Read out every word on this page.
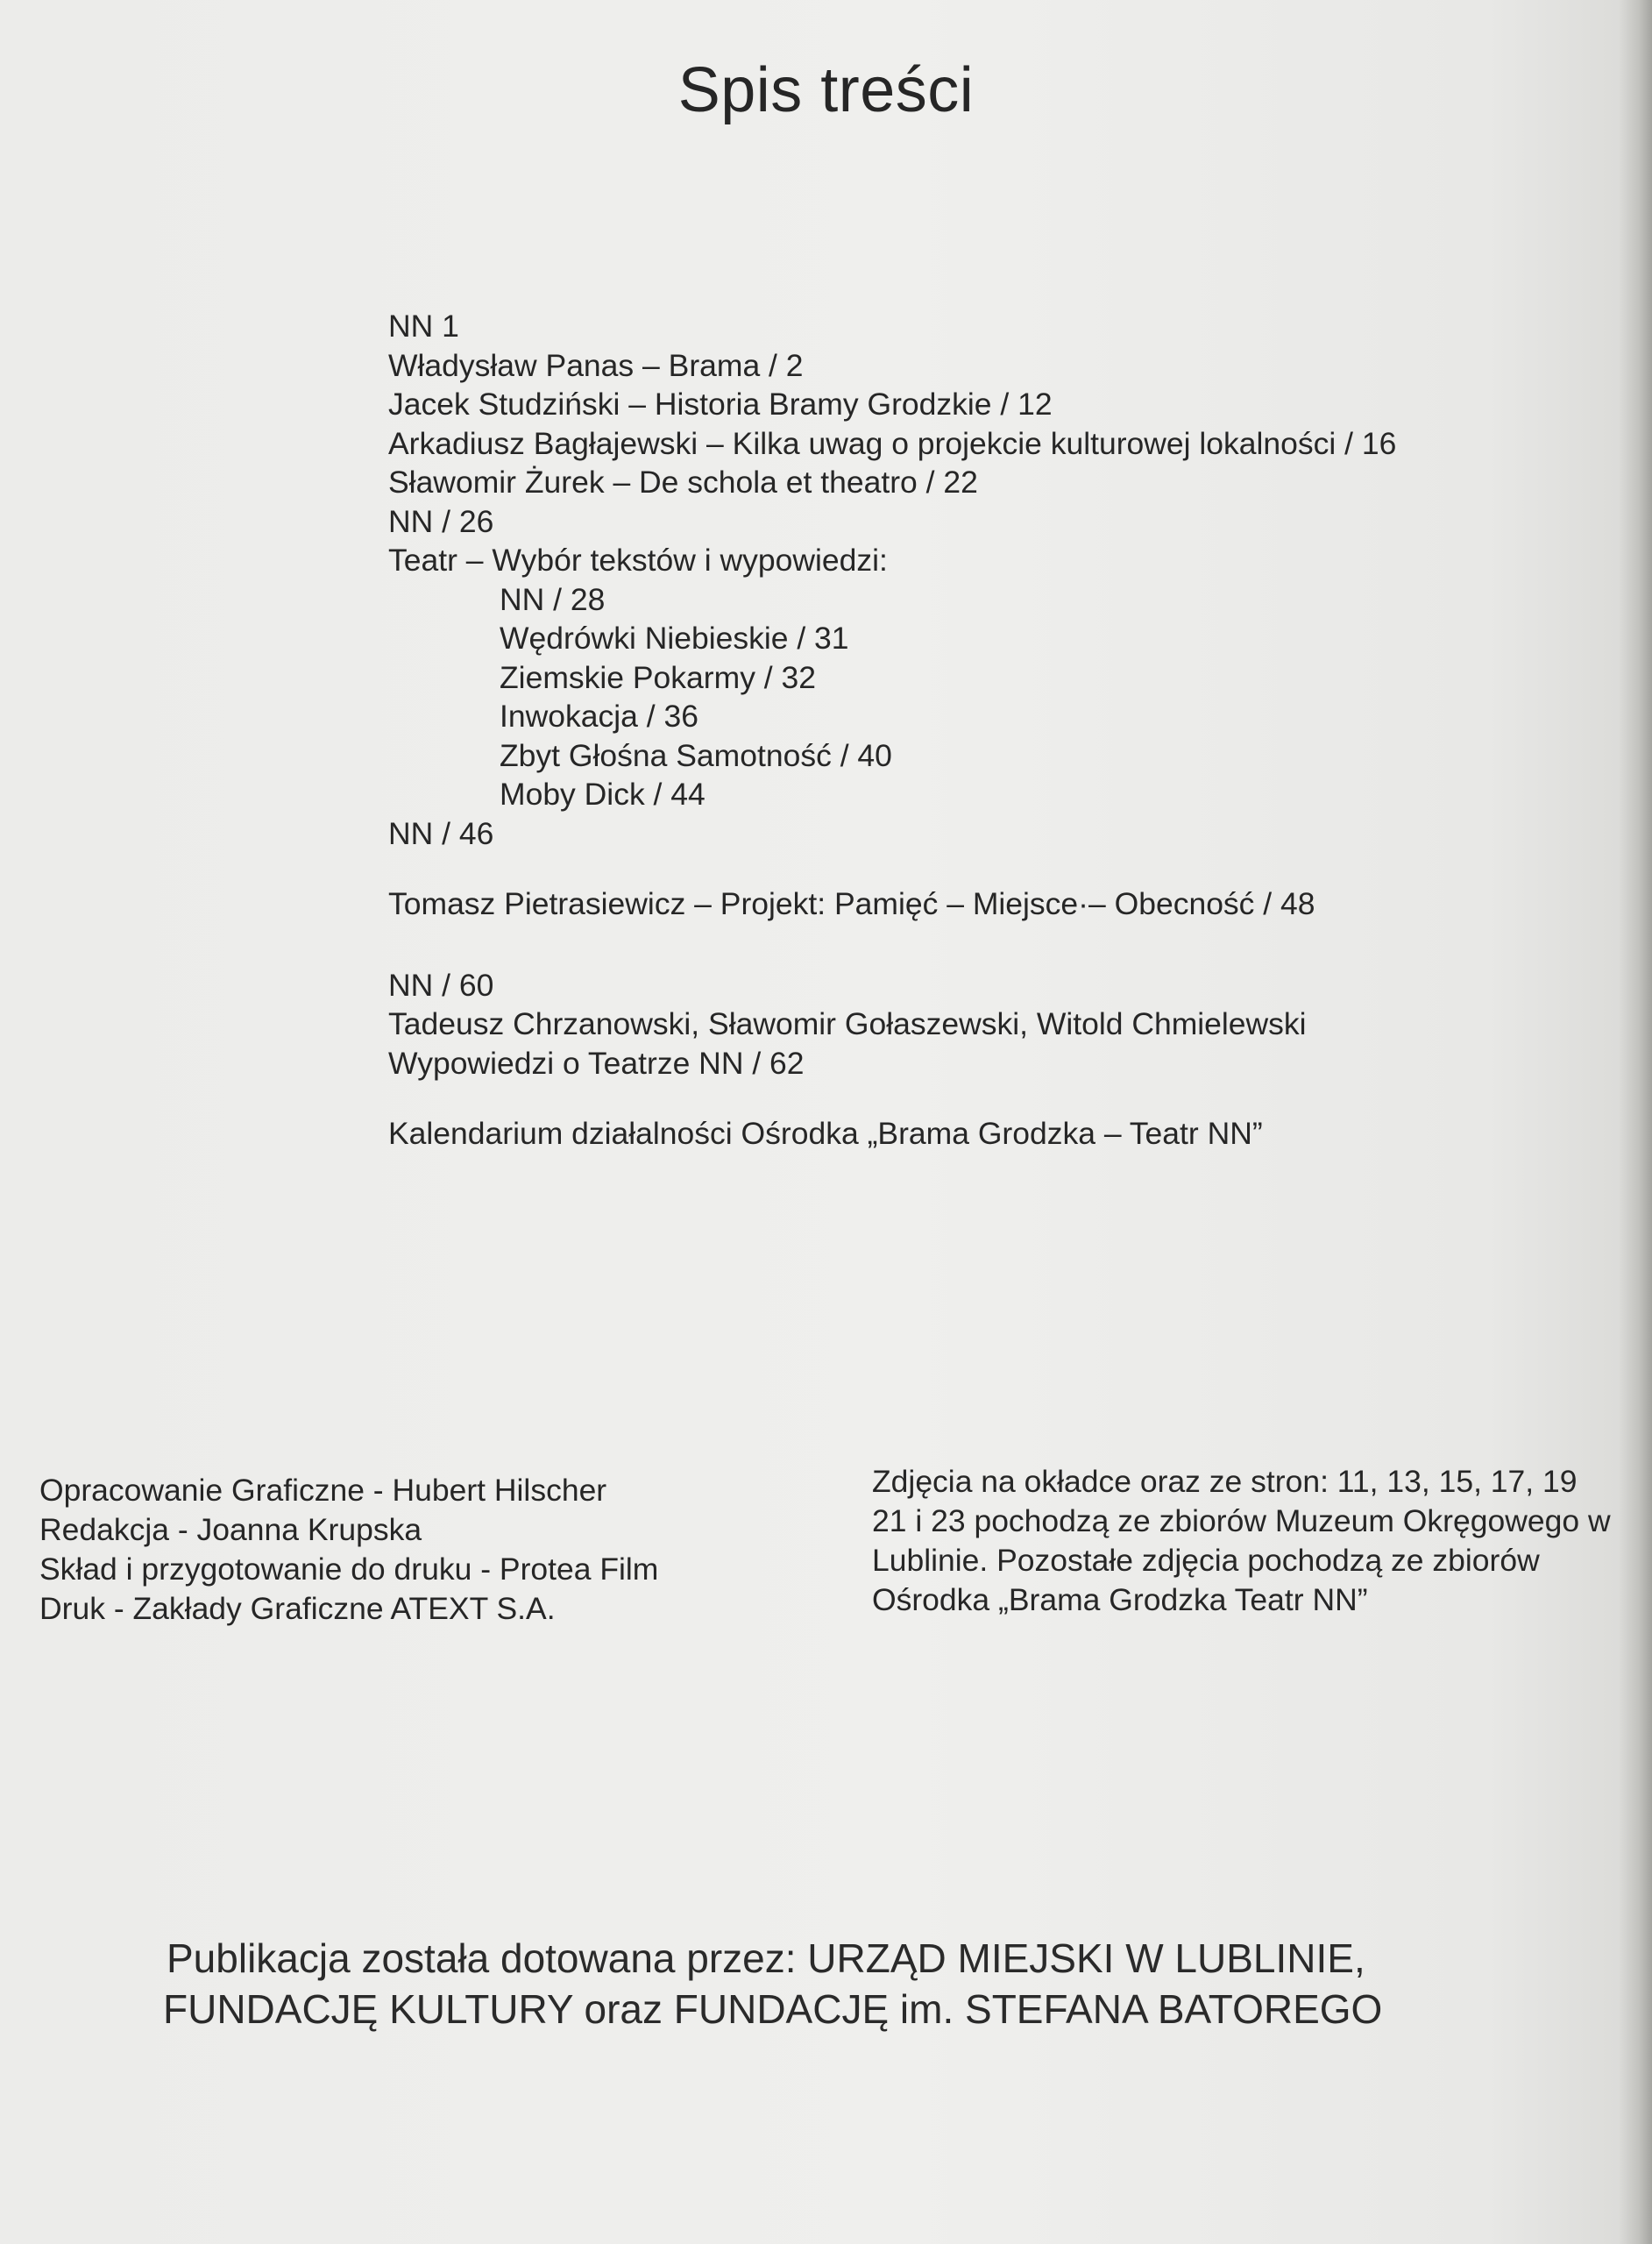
Spis treści
NN 1
Władysław Panas – Brama / 2
Jacek Studziński – Historia Bramy Grodzkie / 12
Arkadiusz Bagłajewski – Kilka uwag o projekcie kulturowej lokalności / 16
Sławomir Żurek – De schola et theatro / 22
NN / 26
Teatr – Wybór tekstów i wypowiedzi:
NN / 28
Wędrówki Niebieskie / 31
Ziemskie Pokarmy / 32
Inwokacja / 36
Zbyt Głośna Samotność / 40
Moby Dick / 44
NN / 46
Tomasz Pietrasiewicz – Projekt: Pamięć – Miejsce·– Obecność / 48
NN / 60
Tadeusz Chrzanowski, Sławomir Gołaszewski, Witold Chmielewski
Wypowiedzi o Teatrze NN / 62
Kalendarium działalności Ośrodka „Brama Grodzka – Teatr NN”
Opracowanie Graficzne - Hubert Hilscher
Redakcja - Joanna Krupska
Skład i przygotowanie do druku - Protea Film
Druk - Zakłady Graficzne ATEXT S.A.
Zdjęcia na okładce oraz ze stron: 11, 13, 15, 17, 19
21 i 23 pochodzą ze zbiorów Muzeum Okręgowego w
Lublinie. Pozostałe zdjęcia pochodzą ze zbiorów
Ośrodka „Brama Grodzka Teatr NN”
Publikacja została dotowana przez: URZĄD MIEJSKI W LUBLINIE,
FUNDACJĘ KULTURY oraz FUNDACJĘ im. STEFANA BATOREGO
